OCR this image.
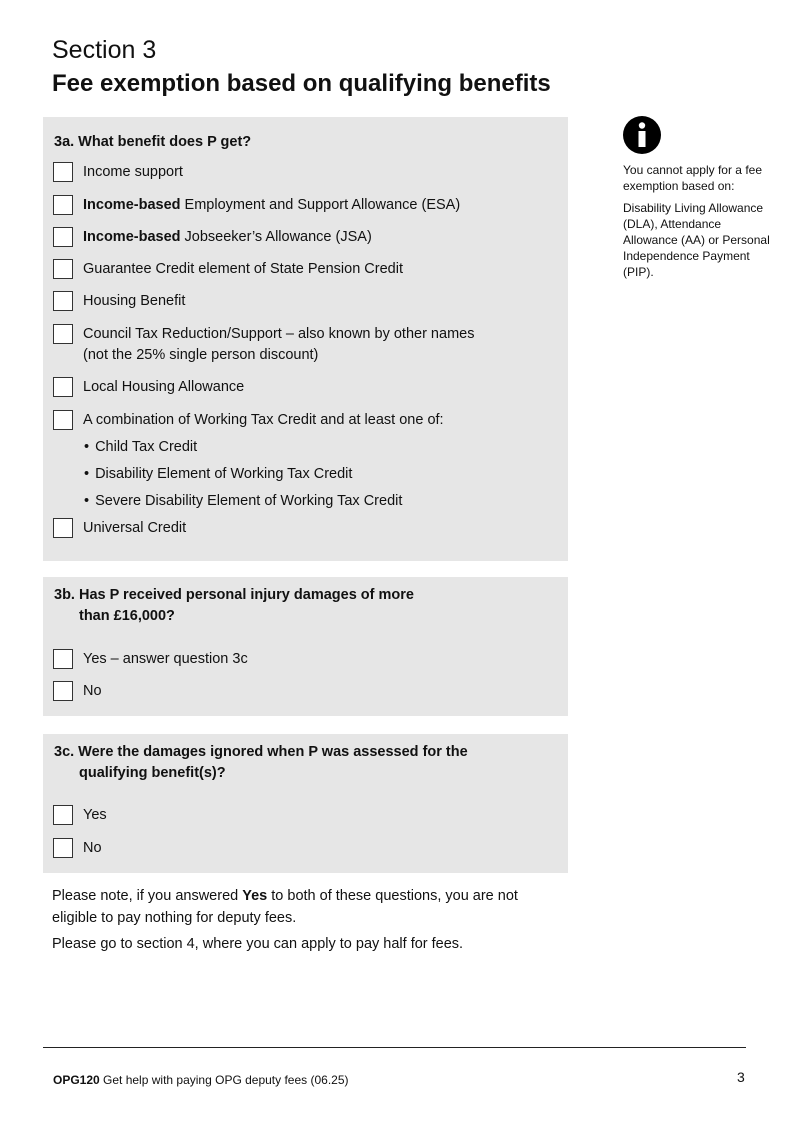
Section 3
Fee exemption based on qualifying benefits
3a. What benefit does P get?
Income support
Income-based Employment and Support Allowance (ESA)
Income-based Jobseeker’s Allowance (JSA)
Guarantee Credit element of State Pension Credit
Housing Benefit
Council Tax Reduction/Support – also known by other names
(not the 25% single person discount)
Local Housing Allowance
A combination of Working Tax Credit and at least one of:
• Child Tax Credit
• Disability Element of Working Tax Credit
• Severe Disability Element of Working Tax Credit
Universal Credit
3b. Has P received personal injury damages of more
than £16,000?
Yes – answer question 3c
No
3c. Were the damages ignored when P was assessed for the
qualifying benefit(s)?
Yes
No
You cannot apply for a fee exemption based on:
Disability Living Allowance (DLA), Attendance Allowance (AA) or Personal Independence Payment (PIP).
Please note, if you answered Yes to both of these questions, you are not eligible to pay nothing for deputy fees.
Please go to section 4, where you can apply to pay half for fees.
OPG120 Get help with paying OPG deputy fees (06.25)	3
